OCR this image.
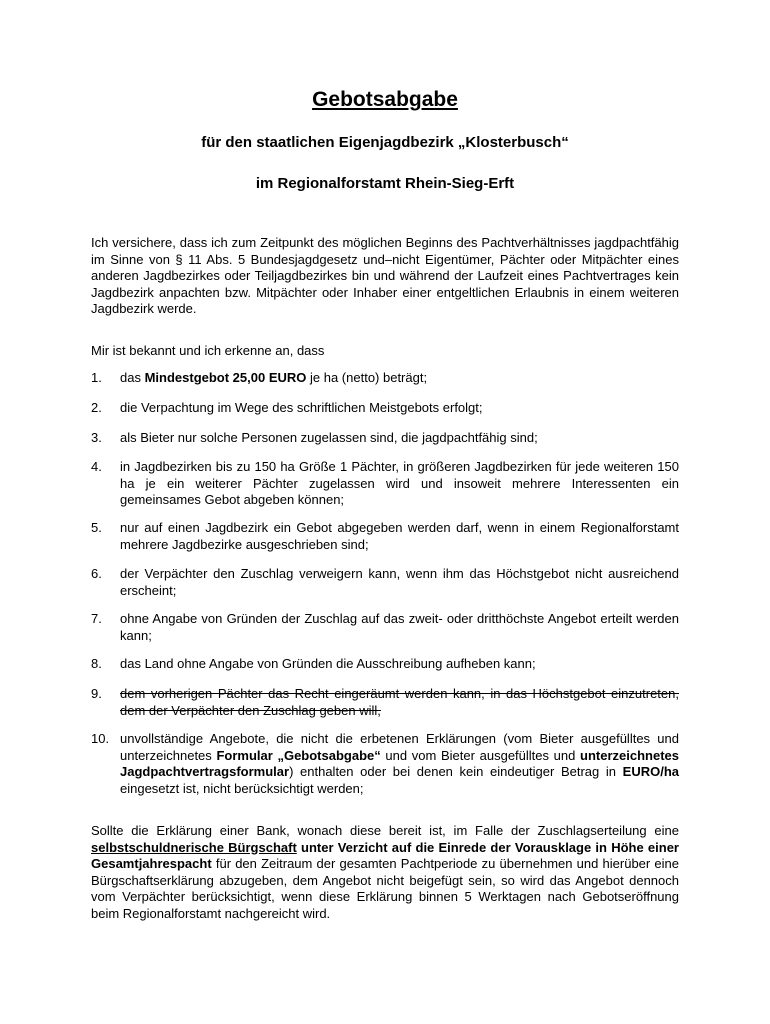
Gebotsabgabe

für den staatlichen Eigenjagdbezirk „Klosterbusch“

im Regionalforstamt Rhein-Sieg-Erft

Ich versichere, dass ich zum Zeitpunkt des möglichen Beginns des Pachtverhältnisses jagdpachtfähig im Sinne von § 11 Abs. 5 Bundesjagdgesetz und–nicht Eigentümer, Pächter oder Mitpächter eines anderen Jagdbezirkes oder Teiljagdbezirkes bin und während der Laufzeit eines Pachtvertrages kein Jagdbezirk anpachten bzw. Mitpächter oder Inhaber einer entgeltlichen Erlaubnis in einem weiteren Jagdbezirk werde.

Mir ist bekannt und ich erkenne an, dass

1.	das Mindestgebot 25,00 EURO je ha (netto) beträgt;
2.	die Verpachtung im Wege des schriftlichen Meistgebots erfolgt;
3.	als Bieter nur solche Personen zugelassen sind, die jagdpachtfähig sind;
4.	in Jagdbezirken bis zu 150 ha Größe 1 Pächter, in größeren Jagdbezirken für jede weiteren 150 ha je ein weiterer Pächter zugelassen wird und insoweit mehrere Interessenten ein gemeinsames Gebot abgeben können;
5.	nur auf einen Jagdbezirk ein Gebot abgegeben werden darf, wenn in einem Regionalforstamt mehrere Jagdbezirke ausgeschrieben sind;
6.	der Verpächter den Zuschlag verweigern kann, wenn ihm das Höchstgebot nicht ausreichend erscheint;
7.	ohne Angabe von Gründen der Zuschlag auf das zweit- oder dritthöchste Angebot erteilt werden kann;
8.	das Land ohne Angabe von Gründen die Ausschreibung aufheben kann;
9.	dem vorherigen Pächter das Recht eingeräumt werden kann, in das Höchstgebot einzutreten, dem der Verpächter den Zuschlag geben will,
10. unvollständige Angebote, die nicht die erbetenen Erklärungen (vom Bieter ausgefülltes und unterzeichnetes Formular „Gebotsabgabe“ und vom Bieter ausgefülltes und unterzeichnetes Jagdpachtvertragsformular) enthalten oder bei denen kein eindeutiger Betrag in EURO/ha eingesetzt ist, nicht berücksichtigt werden;

Sollte die Erklärung einer Bank, wonach diese bereit ist, im Falle der Zuschlagserteilung eine selbstschuldnerische Bürgschaft unter Verzicht auf die Einrede der Vorausklage in Höhe einer Gesamtjahrespacht für den Zeitraum der gesamten Pachtperiode zu übernehmen und hierüber eine Bürgschaftserklärung abzugeben, dem Angebot nicht beigefügt sein, so wird das Angebot dennoch vom Verpächter berücksichtigt, wenn diese Erklärung binnen 5 Werktagen nach Gebotseröffnung beim Regionalforstamt nachgereicht wird.
